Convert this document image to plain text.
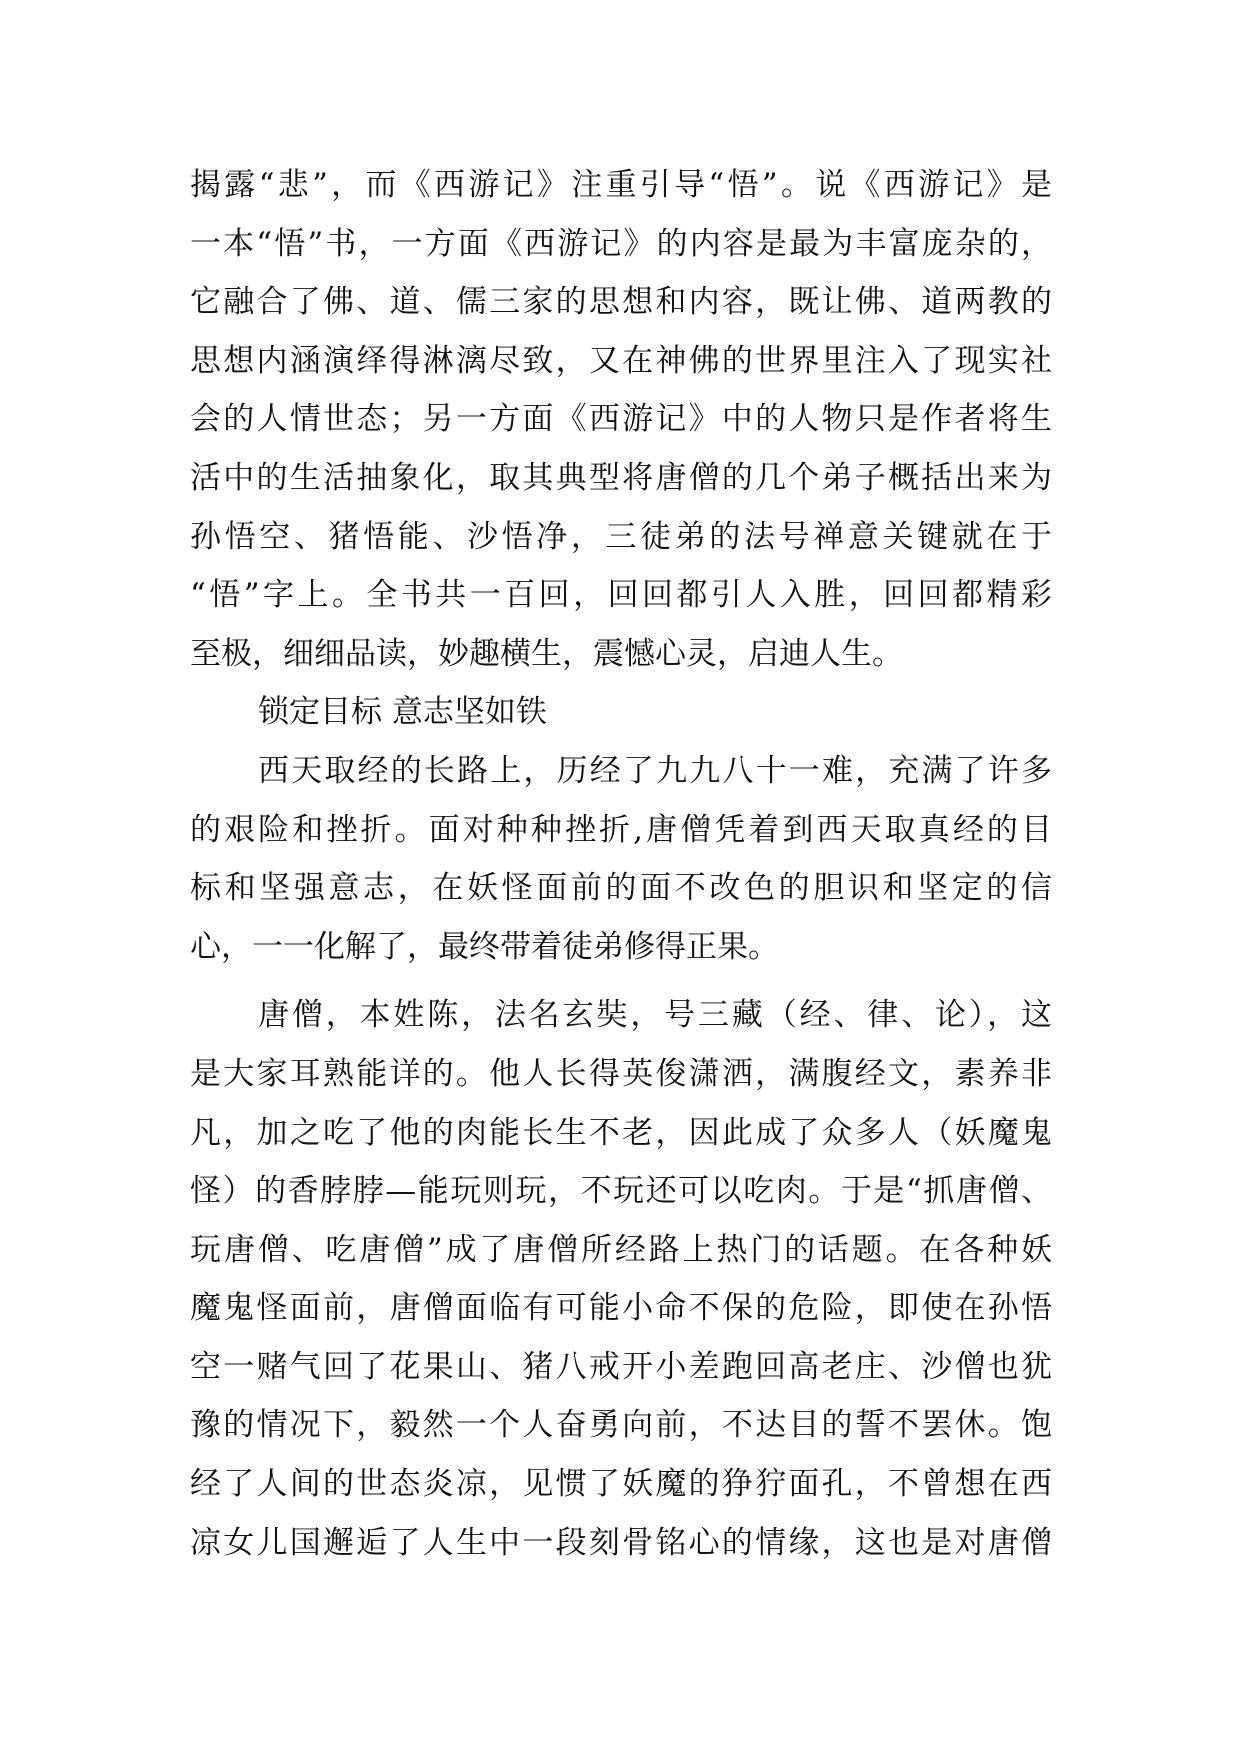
揭露“悲”，而《西游记》注重引导“悟”。说《西游记》是
一本“悟”书，一方面《西游记》的内容是最为丰富庞杂的，
它融合了佛、道、儒三家的思想和内容，既让佛、道两教的
思想内涵演绎得淋漓尽致，又在神佛的世界里注入了现实社
会的人情世态；另一方面《西游记》中的人物只是作者将生
活中的生活抽象化，取其典型将唐僧的几个弟子概括出来为
孙悟空、猪悟能、沙悟净，三徒弟的法号禅意关键就在于
“悟”字上。全书共一百回，回回都引人入胜，回回都精彩
至极，细细品读，妙趣横生，震憾心灵，启迪人生。
锁定目标 意志坚如铁
西天取经的长路上，历经了九九八十一难，充满了许多
的艰险和挫折。面对种种挫折,唐僧凭着到西天取真经的目
标和坚强意志，在妖怪面前的面不改色的胆识和坚定的信
心，一一化解了，最终带着徒弟修得正果。
唐僧，本姓陈，法名玄奘，号三藏（经、律、论），这
是大家耳熟能详的。他人长得英俊潇洒，满腹经文，素养非
凡，加之吃了他的肉能长生不老，因此成了众多人（妖魔鬼
怪）的香脖脖—能玩则玩，不玩还可以吃肉。于是“抓唐僧、
玩唐僧、吃唐僧”成了唐僧所经路上热门的话题。在各种妖
魔鬼怪面前，唐僧面临有可能小命不保的危险，即使在孙悟
空一赌气回了花果山、猪八戒开小差跑回高老庄、沙僧也犹
豫的情况下，毅然一个人奋勇向前，不达目的誓不罢休。饱
经了人间的世态炎凉，见惯了妖魔的狰狞面孔，不曾想在西
凉女儿国邂逅了人生中一段刻骨铭心的情缘，这也是对唐僧
